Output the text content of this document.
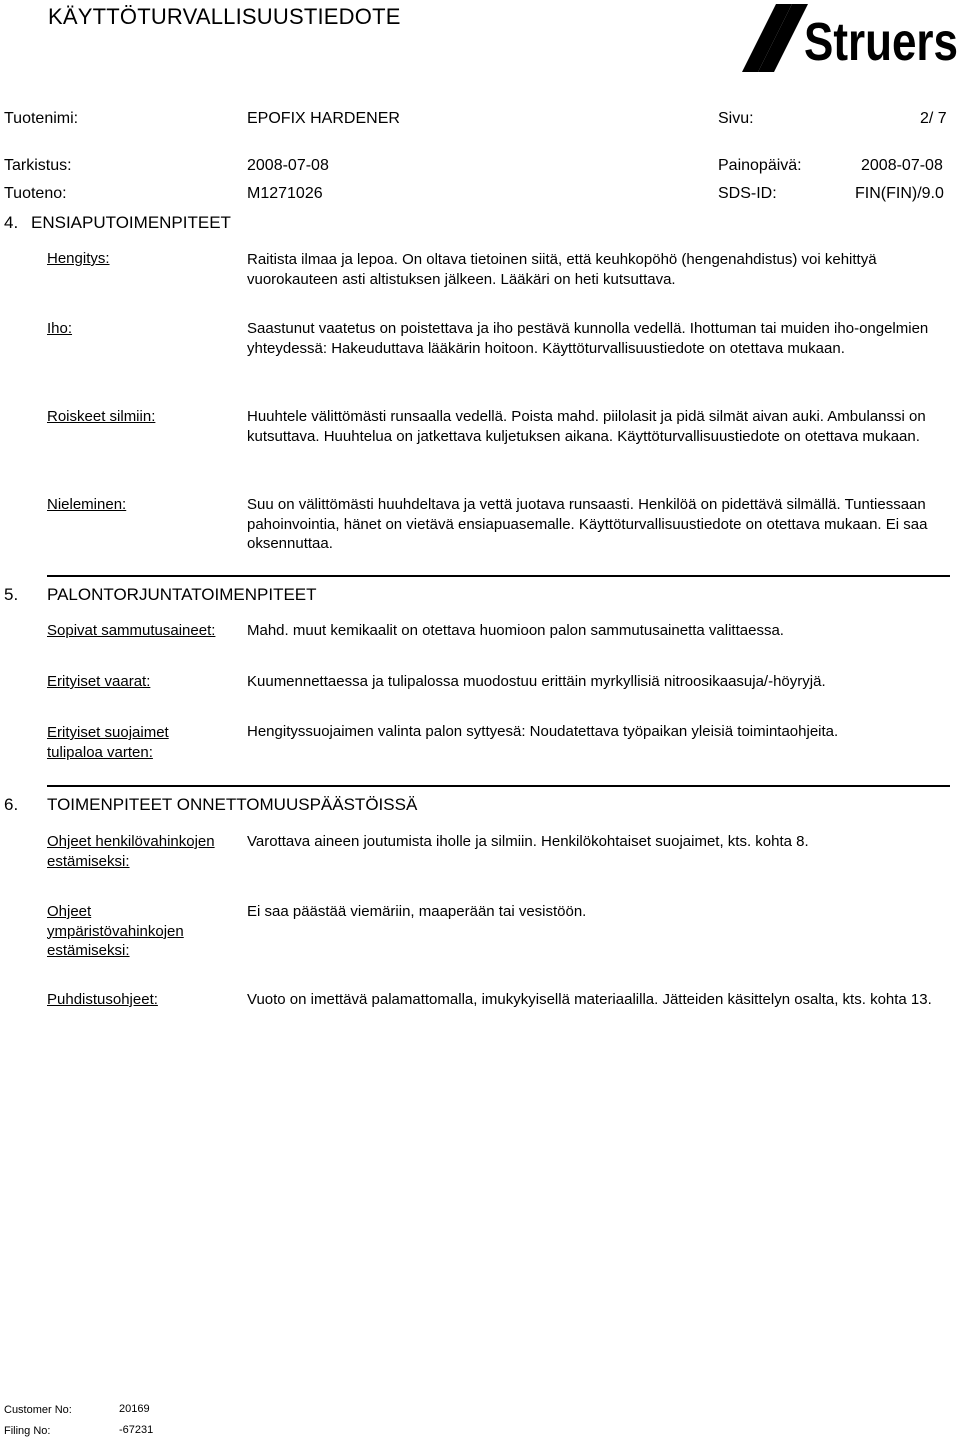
KÄYTTÖTURVALLISUUSTIEDOTE	Struers
Tuotenimi:	EPOFIX HARDENER	Sivu:	2/ 7
Tarkistus:	2008-07-08	Painopäivä:	2008-07-08
Tuoteno:	M1271026	SDS-ID:	FIN(FIN)/9.0
4. ENSIAPUTOIMENPITEET
Hengitys:	Raitista ilmaa ja lepoa. On oltava tietoinen siitä, että keuhkopöhö (hengenahdistus) voi kehittyä vuorokauteen asti altistuksen jälkeen. Lääkäri on heti kutsuttava.
Iho:	Saastunut vaatetus on poistettava ja iho pestävä kunnolla vedellä. Ihottuman tai muiden iho-ongelmien yhteydessä: Hakeuduttava lääkärin hoitoon. Käyttöturvallisuustiedote on otettava mukaan.
Roiskeet silmiin:	Huuhtele välittömästi runsaalla vedellä. Poista mahd. piilolasit ja pidä silmät aivan auki. Ambulanssi on kutsuttava. Huuhtelua on jatkettava kuljetuksen aikana. Käyttöturvallisuustiedote on otettava mukaan.
Nieleminen:	Suu on välittömästi huuhdeltava ja vettä juotava runsaasti. Henkilöä on pidettävä silmällä. Tuntiessaan pahoinvointia, hänet on vietävä ensiapuasemalle. Käyttöturvallisuustiedote on otettava mukaan. Ei saa oksennuttaa.
5. PALONTORJUNTATOIMENPITEET
Sopivat sammutusaineet: Mahd. muut kemikaalit on otettava huomioon palon sammutusainetta valittaessa.
Erityiset vaarat:	Kuumennettaessa ja tulipalossa muodostuu erittäin myrkyllisiä nitroosikaasuja/-höyryjä.
Erityiset suojaimet tulipaloa varten:
Hengityssuojaimen valinta palon syttyesä: Noudatettava työpaikan yleisiä toimintaohjeita.
6. TOIMENPITEET ONNETTOMUUSPÄÄSTÖISSÄ
Ohjeet henkilövahinkojen estämiseksi:
Varottava aineen joutumista iholle ja silmiin. Henkilökohtaiset suojaimet, kts. kohta 8.
Ohjeet ympäristövahinkojen estämiseksi:
Ei saa päästää viemäriin, maaperään tai vesistöön.
Puhdistusohjeet:	Vuoto on imettävä palamattomalla, imukykyisellä materiaalilla. Jätteiden käsittelyn osalta, kts. kohta 13.
Customer No:	20169
Filing No:	-67231
